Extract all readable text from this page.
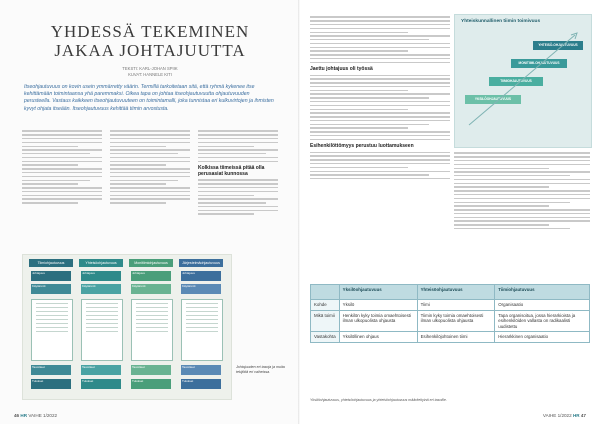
YHDESSÄ TEKEMINEN JAKAA JOHTAJUUTTA
TEKSTI: KARL-JOHAN SPIIK
KUVAT: HANNELE KITI
Itseohjautuvuus on kovin usein ymmärretty väärin. Termillä tarkoitetaan sitä, että ryhmä kykenee itse kehittämään toimintaansa yhä paremmaksi. Oikea tapa on johtaa itseohjautuvuutta ohjautuvuuden perusteella. Vastaus kaikkeen itseohjautuvuuteen on toimintamalli, joka tunnistaa eri kulkuvirtojen ja ihmisten kyvyt ohjata itseään. Itseohjautuvuus kehittää tiimin arvostusta.
Kolkissa tiimeissä pitää olla perusasiat kunnossa
Tiimiohjautuvuus
Johtajuus
Käytännöt
Tavoitteet
Tulokset
Yhteisöohjautuvuus
Johtajuus
Käytännöt
Tavoitteet
Tulokset
Monitiimiohjautuvuus
Johtajuus
Käytännöt
Tavoitteet
Tulokset
Järjestelmäohjautuvuus
Johtajuus
Käytännöt
Tavoitteet
Tulokset
Johtajuuden eri tasoja ja muita tekijöitä eri vaiheissa.
46 HR VAIHE 1/2022
Jaettu johtajuus oli työssä
Esihenkilöttömyys perustuu luottamukseen
Yhteiskunnallinen tiimin toimivuus
YHTEISÖ-OHJAUTUVUUS
MONITIIMI-OHJAUTUVUUS
TIIMIOHJAUTUVUUS
YKSILÖOHJAUTUVUUS
	Yksilöohjautuvuus	Yhteisöohjautuvuus	Tiimiohjautuvuus
Kohde	Yksilö	Tiimi	Organisaatio
Mikä toimii	Henkilön kyky toimia omaehtoisesti ilman ulkopuolista ohjausta	Tiimin kyky toimia omaehtoisesti ilman ulkopuolista ohjausta	Tapa organisoitua, jossa hierarkioista ja esihenkilöiden vallasta on radikaalisti uudistettu
Vastakohta	Yksilöllinen ohjaus	Esihenkilöjohtoinen tiimi	Hierarkkinen organisaatio
Yksilöohjautuvuus, yhteisöohjautuvuus ja yhteisöohjautuvuus määriteltyinä eri tasoille.
VAIHE 1/2022 HR 47
